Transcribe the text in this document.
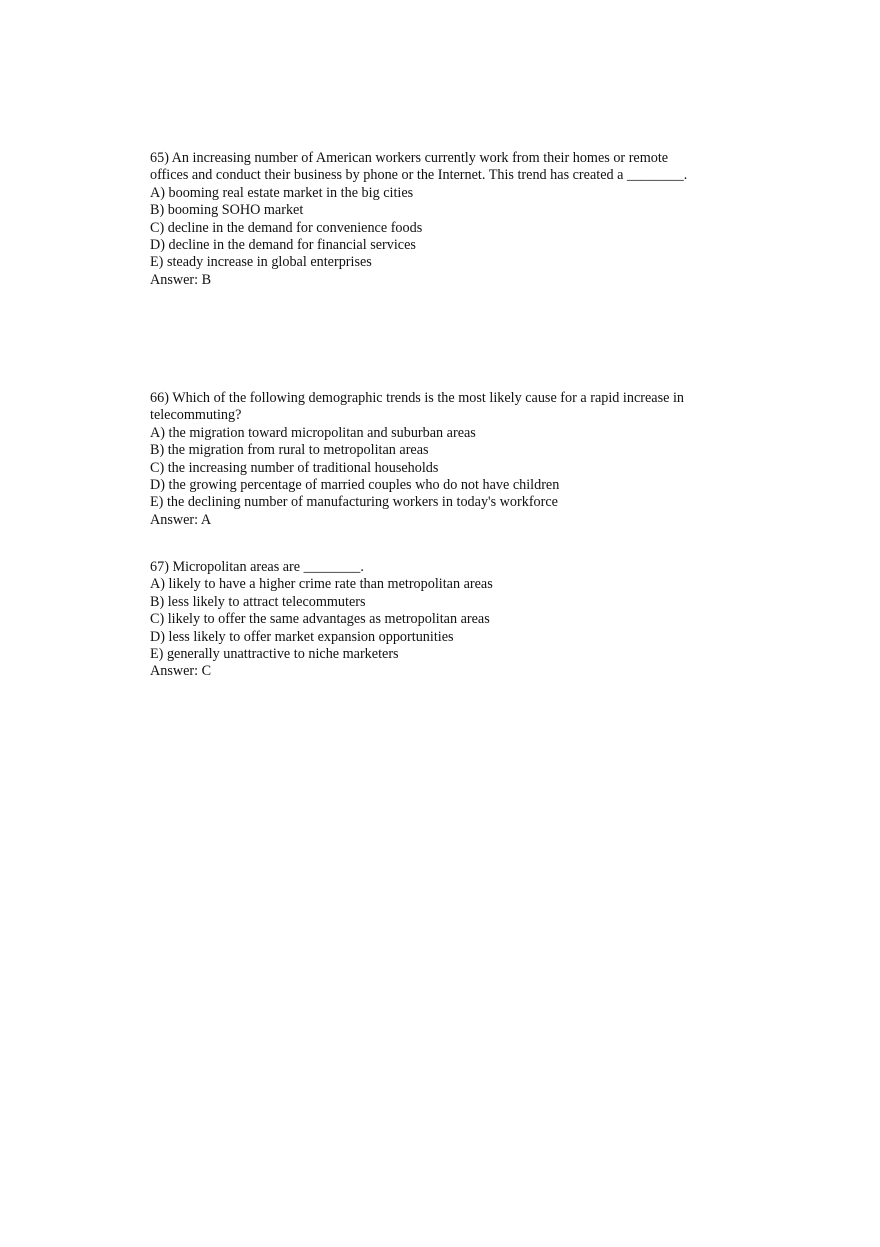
65) An increasing number of American workers currently work from their homes or remote
offices and conduct their business by phone or the Internet. This trend has created a ________.
A) booming real estate market in the big cities
B) booming SOHO market
C) decline in the demand for convenience foods
D) decline in the demand for financial services
E) steady increase in global enterprises
Answer: B
66) Which of the following demographic trends is the most likely cause for a rapid increase in
telecommuting?
A) the migration toward micropolitan and suburban areas
B) the migration from rural to metropolitan areas
C) the increasing number of traditional households
D) the growing percentage of married couples who do not have children
E) the declining number of manufacturing workers in today's workforce
Answer: A
67) Micropolitan areas are ________.
A) likely to have a higher crime rate than metropolitan areas
B) less likely to attract telecommuters
C) likely to offer the same advantages as metropolitan areas
D) less likely to offer market expansion opportunities
E) generally unattractive to niche marketers
Answer: C
